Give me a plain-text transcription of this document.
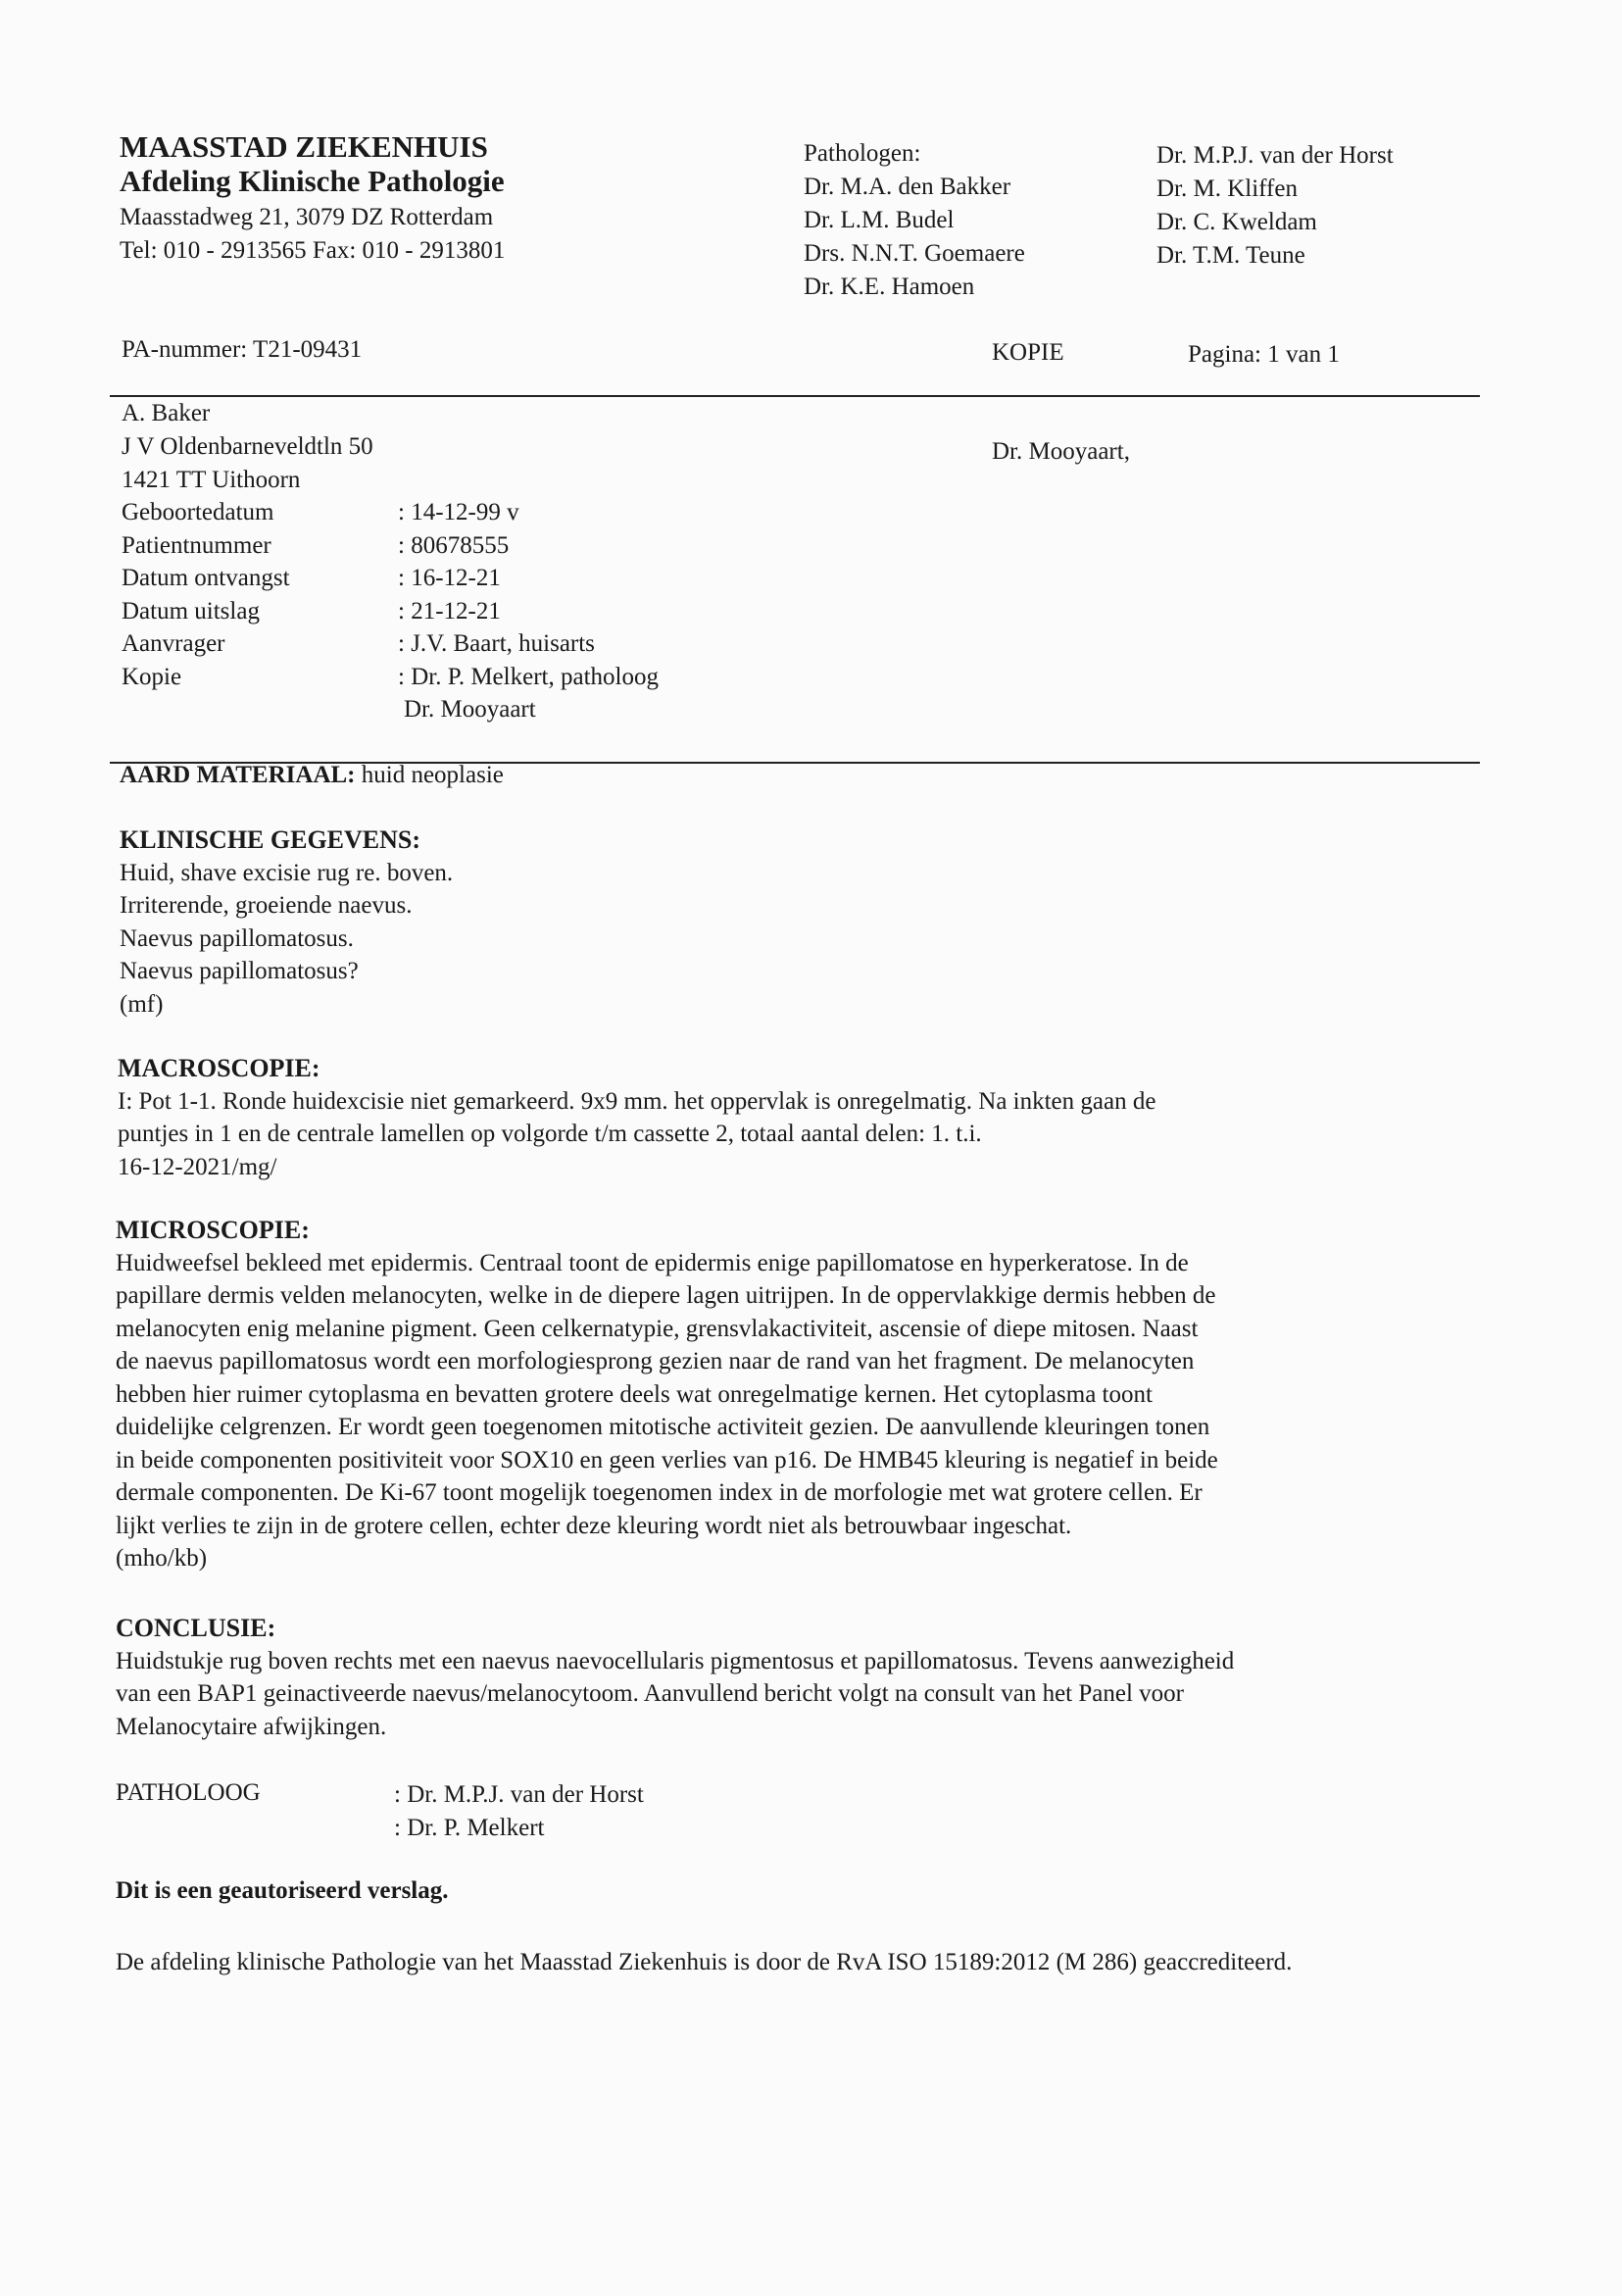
MAASSTAD ZIEKENHUIS
Afdeling Klinische Pathologie
Maasstadweg 21, 3079 DZ Rotterdam
Tel: 010 - 2913565 Fax: 010 - 2913801
Pathologen:
Dr. M.A. den Bakker
Dr. L.M. Budel
Drs. N.N.T. Goemaere
Dr. K.E. Hamoen
Dr. M.P.J. van der Horst
Dr. M. Kliffen
Dr. C. Kweldam
Dr. T.M. Teune
PA-nummer: T21-09431	KOPIE	Pagina: 1 van 1
A. Baker
J V Oldenbarneveldtln 50
1421 TT Uithoorn
Dr. Mooyaart,
Geboortedatum	: 14-12-99 v
Patientnummer	: 80678555
Datum ontvangst	: 16-12-21
Datum uitslag	: 21-12-21
Aanvrager	: J.V. Baart, huisarts
Kopie	: Dr. P. Melkert, patholoog
Dr. Mooyaart
AARD MATERIAAL: huid neoplasie
KLINISCHE GEGEVENS:
Huid, shave excisie rug re. boven.
Irriterende, groeiende naevus.
Naevus papillomatosus.
Naevus papillomatosus?
(mf)
MACROSCOPIE:
I: Pot 1-1. Ronde huidexcisie niet gemarkeerd. 9x9 mm. het oppervlak is onregelmatig. Na inkten gaan de
puntjes in 1 en de centrale lamellen op volgorde t/m cassette 2, totaal aantal delen: 1. t.i.
16-12-2021/mg/
MICROSCOPIE:
Huidweefsel bekleed met epidermis. Centraal toont de epidermis enige papillomatose en hyperkeratose. In de
papillare dermis velden melanocyten, welke in de diepere lagen uitrijpen. In de oppervlakkige dermis hebben de
melanocyten enig melanine pigment. Geen celkernatypie, grensvlakactiviteit, ascensie of diepe mitosen. Naast
de naevus papillomatosus wordt een morfologiesprong gezien naar de rand van het fragment. De melanocyten
hebben hier ruimer cytoplasma en bevatten grotere deels wat onregelmatige kernen. Het cytoplasma toont
duidelijke celgrenzen. Er wordt geen toegenomen mitotische activiteit gezien. De aanvullende kleuringen tonen
in beide componenten positiviteit voor SOX10 en geen verlies van p16. De HMB45 kleuring is negatief in beide
dermale componenten. De Ki-67 toont mogelijk toegenomen index in de morfologie met wat grotere cellen. Er
lijkt verlies te zijn in de grotere cellen, echter deze kleuring wordt niet als betrouwbaar ingeschat.
(mho/kb)
CONCLUSIE:
Huidstukje rug boven rechts met een naevus naevocellularis pigmentosus et papillomatosus. Tevens aanwezigheid
van een BAP1 geinactiveerde naevus/melanocytoom. Aanvullend bericht volgt na consult van het Panel voor
Melanocytaire afwijkingen.
PATHOLOOG	: Dr. M.P.J. van der Horst
: Dr. P. Melkert
Dit is een geautoriseerd verslag.
De afdeling klinische Pathologie van het Maasstad Ziekenhuis is door de RvA ISO 15189:2012 (M 286) geaccrediteerd.
